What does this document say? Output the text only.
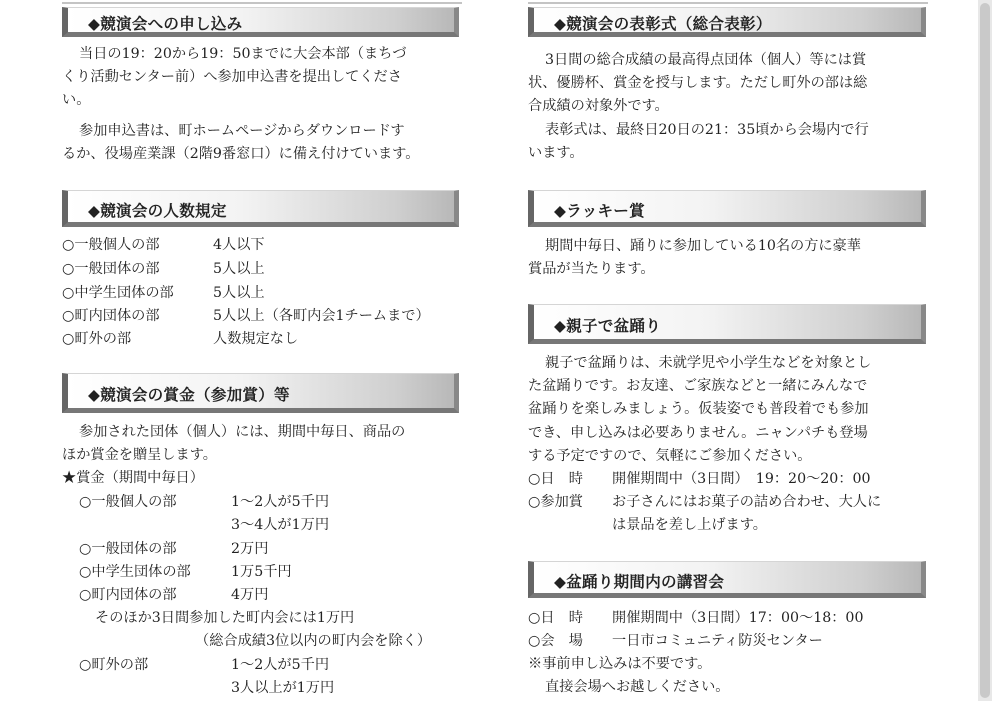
◆競演会への申し込み
当日の19：20から19：50までに大会本部（まちづ
くり活動センター前）へ参加申込書を提出してくださ
い。
参加申込書は、町ホームページからダウンロードす
るか、役場産業課（2階9番窓口）に備え付けています。
◆競演会の人数規定
○一般個人の部	4人以下
○一般団体の部	5人以上
○中学生団体の部	5人以上
○町内団体の部	5人以上（各町内会1チームまで）
○町外の部	人数規定なし
◆競演会の賞金（参加賞）等
参加された団体（個人）には、期間中毎日、商品の
ほか賞金を贈呈します。
★賞金（期間中毎日）
○一般個人の部	1～2人が5千円
3～4人が1万円
○一般団体の部	2万円
○中学生団体の部	1万5千円
○町内団体の部	4万円
そのほか3日間参加した町内会には1万円
（総合成績3位以内の町内会を除く）
○町外の部	1～2人が5千円
3人以上が1万円
◆競演会の表彰式（総合表彰）
3日間の総合成績の最高得点団体（個人）等には賞
状、優勝杯、賞金を授与します。ただし町外の部は総
合成績の対象外です。
表彰式は、最終日20日の21：35頃から会場内で行
います。
◆ラッキー賞
期間中毎日、踊りに参加している10名の方に豪華
賞品が当たります。
◆親子で盆踊り
親子で盆踊りは、未就学児や小学生などを対象とし
た盆踊りです。お友達、ご家族などと一緒にみんなで
盆踊りを楽しみましょう。仮装姿でも普段着でも参加
でき、申し込みは必要ありません。ニャンパチも登場
する予定ですので、気軽にご参加ください。
○日　時 開催期間中（3日間）　19：20～20：00
○参加賞 お子さんにはお菓子の詰め合わせ、大人に
は景品を差し上げます。
◆盆踊り期間内の講習会
○日　時 開催期間中（3日間）17：00～18：00
○会　場 一日市コミュニティ防災センター
※事前申し込みは不要です。
直接会場へお越しください。
